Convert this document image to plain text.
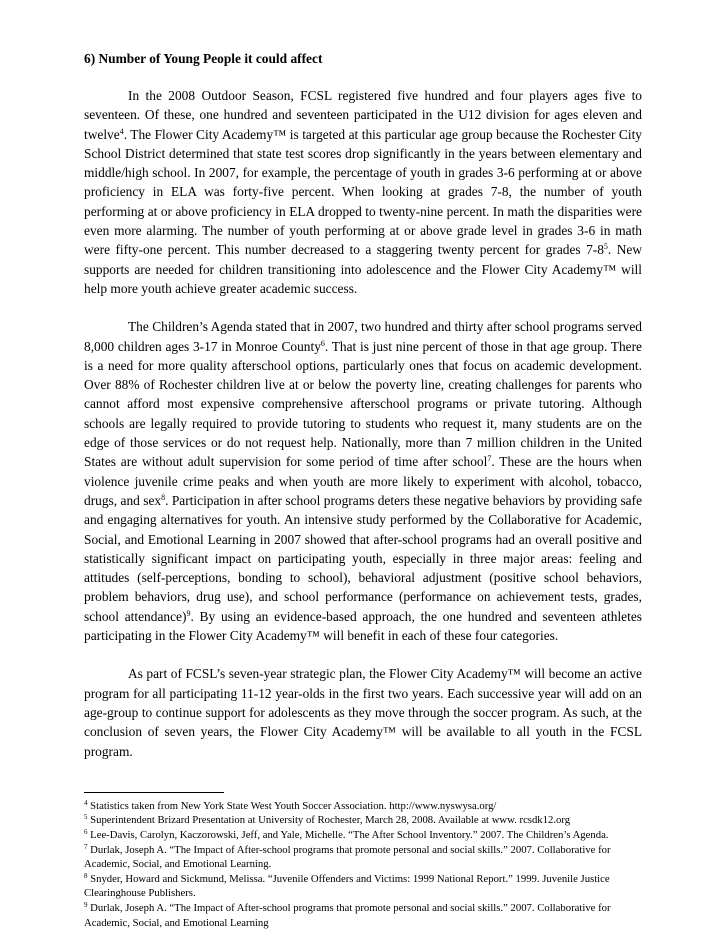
6) Number of Young People it could affect

In the 2008 Outdoor Season, FCSL registered five hundred and four players ages five to seventeen. Of these, one hundred and seventeen participated in the U12 division for ages eleven and twelve$^4$. The Flower City Academy™ is targeted at this particular age group because the Rochester City School District determined that state test scores drop significantly in the years between elementary and middle/high school. In 2007, for example, the percentage of youth in grades 3-6 performing at or above proficiency in ELA was forty-five percent. When looking at grades 7-8, the number of youth performing at or above proficiency in ELA dropped to twenty-nine percent. In math the disparities were even more alarming. The number of youth performing at or above grade level in grades 3-6 in math were fifty-one percent. This number decreased to a staggering twenty percent for grades $7-8^5$. New supports are needed for children transitioning into adolescence and the Flower City Academy™ will help more youth achieve greater academic success.

The Children’s Agenda stated that in 2007, two hundred and thirty after school programs served 8,000 children ages 3-17 in Monroe County$^6$. That is just nine percent of those in that age group. There is a need for more quality afterschool options, particularly ones that focus on academic development. Over 88% of Rochester children live at or below the poverty line, creating challenges for parents who cannot afford most expensive comprehensive afterschool programs or private tutoring. Although schools are legally required to provide tutoring to students who request it, many students are on the edge of those services or do not request help. Nationally, more than 7 million children in the United States are without adult supervision for some period of time after school$^7$. These are the hours when violence juvenile crime peaks and when youth are more likely to experiment with alcohol, tobacco, drugs, and sex$^8$. Participation in after school programs deters these negative behaviors by providing safe and engaging alternatives for youth. An intensive study performed by the Collaborative for Academic, Social, and Emotional Learning in 2007 showed that after-school programs had an overall positive and statistically significant impact on participating youth, especially in three major areas: feeling and attitudes (self-perceptions, bonding to school), behavioral adjustment (positive school behaviors, problem behaviors, drug use), and school performance (performance on achievement tests, grades, school attendance)$^9$. By using an evidence-based approach, the one hundred and seventeen athletes participating in the Flower City Academy™ will benefit in each of these four categories.

As part of FCSL’s seven-year strategic plan, the Flower City Academy™ will become an active program for all participating 11-12 year-olds in the first two years. Each successive year will add on an age-group to continue support for adolescents as they move through the soccer program. As such, at the conclusion of seven years, the Flower City Academy™ will be available to all youth in the FCSL program.

$^4$ Statistics taken from New York State West Youth Soccer Association. http://www.nyswysa.org/

$^5$ Superintendent Brizard Presentation at University of Rochester, March 28, 2008. Available at www. rcsdk12.org

$^6$ Lee-Davis, Carolyn, Kaczorowski, Jeff, and Yale, Michelle. “The After School Inventory.” 2007. The Children’s Agenda.

$^7$ Durlak, Joseph A. “The Impact of After-school programs that promote personal and social skills.” 2007. Collaborative for Academic, Social, and Emotional Learning.

$^8$ Snyder, Howard and Sickmund, Melissa. “Juvenile Offenders and Victims: 1999 National Report.” 1999. Juvenile Justice Clearinghouse Publishers.

$^9$ Durlak, Joseph A. “The Impact of After-school programs that promote personal and social skills.” 2007. Collaborative for Academic, Social, and Emotional Learning
